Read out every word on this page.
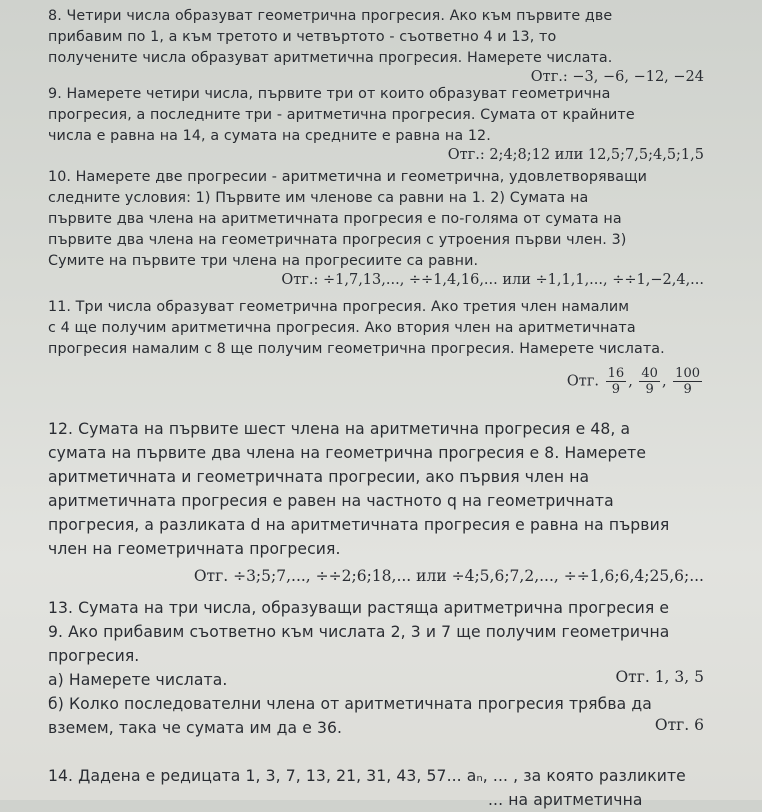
8. Четири числа образуват геометрична прогресия. Ако към първите две
прибавим по 1, а към третото и четвъртото - съответно 4 и 13, то
получените числа образуват аритметична прогресия. Намерете числата.
Отг.: −3, −6, −12, −24
9. Намерете четири числа, първите три от които образуват геометрична
прогресия, а последните три - аритметична прогресия. Сумата от крайните
числа е равна на 14, а сумата на средните е равна на 12.
Отг.: 2;4;8;12 или 12,5;7,5;4,5;1,5
10. Намерете две прогресии - аритметична и геометрична, удовлетворяващи
следните условия: 1) Първите им членове са равни на 1. 2) Сумата на
първите два члена на аритметичната прогресия е по-голяма от сумата на
първите два члена на геометричната прогресия с утроения първи член. 3)
Сумите на първите три члена на прогресиите са равни.
Отг.: ÷1,7,13,..., ÷÷1,4,16,... или ÷1,1,1,..., ÷÷1,−2,4,...
11. Три числа образуват геометрична прогресия. Ако третия член намалим
с 4 ще получим аритметична прогресия. Ако втория член на аритметичната
прогресия намалим с 8 ще получим геометрична прогресия. Намерете числата.
Отг. $\frac{16}{9}$ , $\frac{40}{9}$ , $\frac{100}{9}$
12. Сумата на първите шест члена на аритметична прогресия е 48, а
сумата на първите два члена на геометрична прогресия е 8. Намерете
аритметичната и геометричната прогресии, ако първия член на
аритметичната прогресия е равен на частното q на геометричната
прогресия, а разликата d на аритметичната прогресия е равна на първия
член на геометричната прогресия.
Отг. ÷3;5;7,..., ÷÷2;6;18,... или ÷4;5,6;7,2,..., ÷÷1,6;6,4;25,6;...
13. Сумата на три числа, образуващи растяща аритметрична прогресия е
9. Ако прибавим съответно към числата 2, 3 и 7 ще получим геометрична
прогресия.
а) Намерете числата.	Отг. 1, 3, 5
б) Колко последователни члена от аритметичната прогресия трябва да
вземем, така че сумата им да е 36.	Отг. 6
14. Дадена е редицата 1, 3, 7, 13, 21, 31, 43, 57... aₙ, ... , за която разликите
... на аритметична
